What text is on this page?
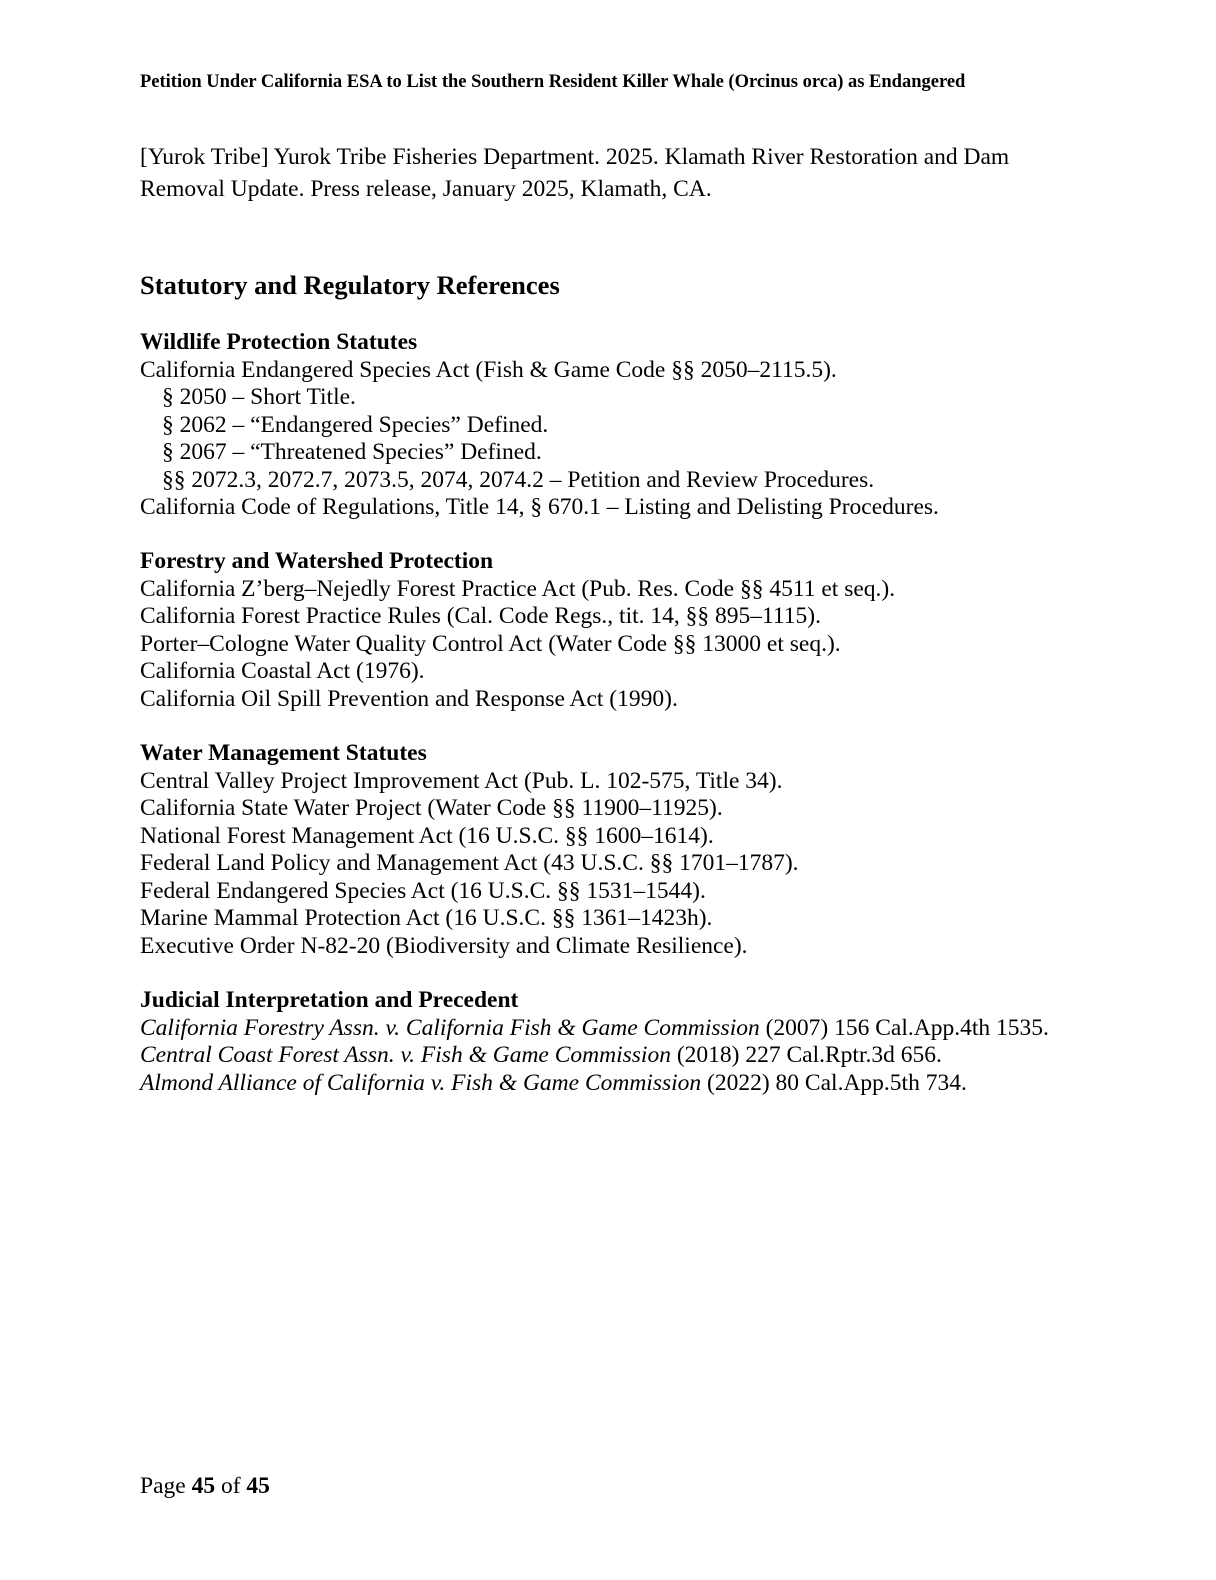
Petition Under California ESA to List the Southern Resident Killer Whale (Orcinus orca) as Endangered
[Yurok Tribe] Yurok Tribe Fisheries Department. 2025. Klamath River Restoration and Dam
Removal Update. Press release, January 2025, Klamath, CA.
Statutory and Regulatory References
Wildlife Protection Statutes
California Endangered Species Act (Fish & Game Code §§ 2050–2115.5).
§ 2050 – Short Title.
§ 2062 – “Endangered Species” Defined.
§ 2067 – “Threatened Species” Defined.
§§ 2072.3, 2072.7, 2073.5, 2074, 2074.2 – Petition and Review Procedures.
California Code of Regulations, Title 14, § 670.1 – Listing and Delisting Procedures.
Forestry and Watershed Protection
California Z’berg–Nejedly Forest Practice Act (Pub. Res. Code §§ 4511 et seq.).
California Forest Practice Rules (Cal. Code Regs., tit. 14, §§ 895–1115).
Porter–Cologne Water Quality Control Act (Water Code §§ 13000 et seq.).
California Coastal Act (1976).
California Oil Spill Prevention and Response Act (1990).
Water Management Statutes
Central Valley Project Improvement Act (Pub. L. 102-575, Title 34).
California State Water Project (Water Code §§ 11900–11925).
National Forest Management Act (16 U.S.C. §§ 1600–1614).
Federal Land Policy and Management Act (43 U.S.C. §§ 1701–1787).
Federal Endangered Species Act (16 U.S.C. §§ 1531–1544).
Marine Mammal Protection Act (16 U.S.C. §§ 1361–1423h).
Executive Order N-82-20 (Biodiversity and Climate Resilience).
Judicial Interpretation and Precedent
California Forestry Assn. v. California Fish & Game Commission (2007) 156 Cal.App.4th 1535.
Central Coast Forest Assn. v. Fish & Game Commission (2018) 227 Cal.Rptr.3d 656.
Almond Alliance of California v. Fish & Game Commission (2022) 80 Cal.App.5th 734.
Page 45 of 45
